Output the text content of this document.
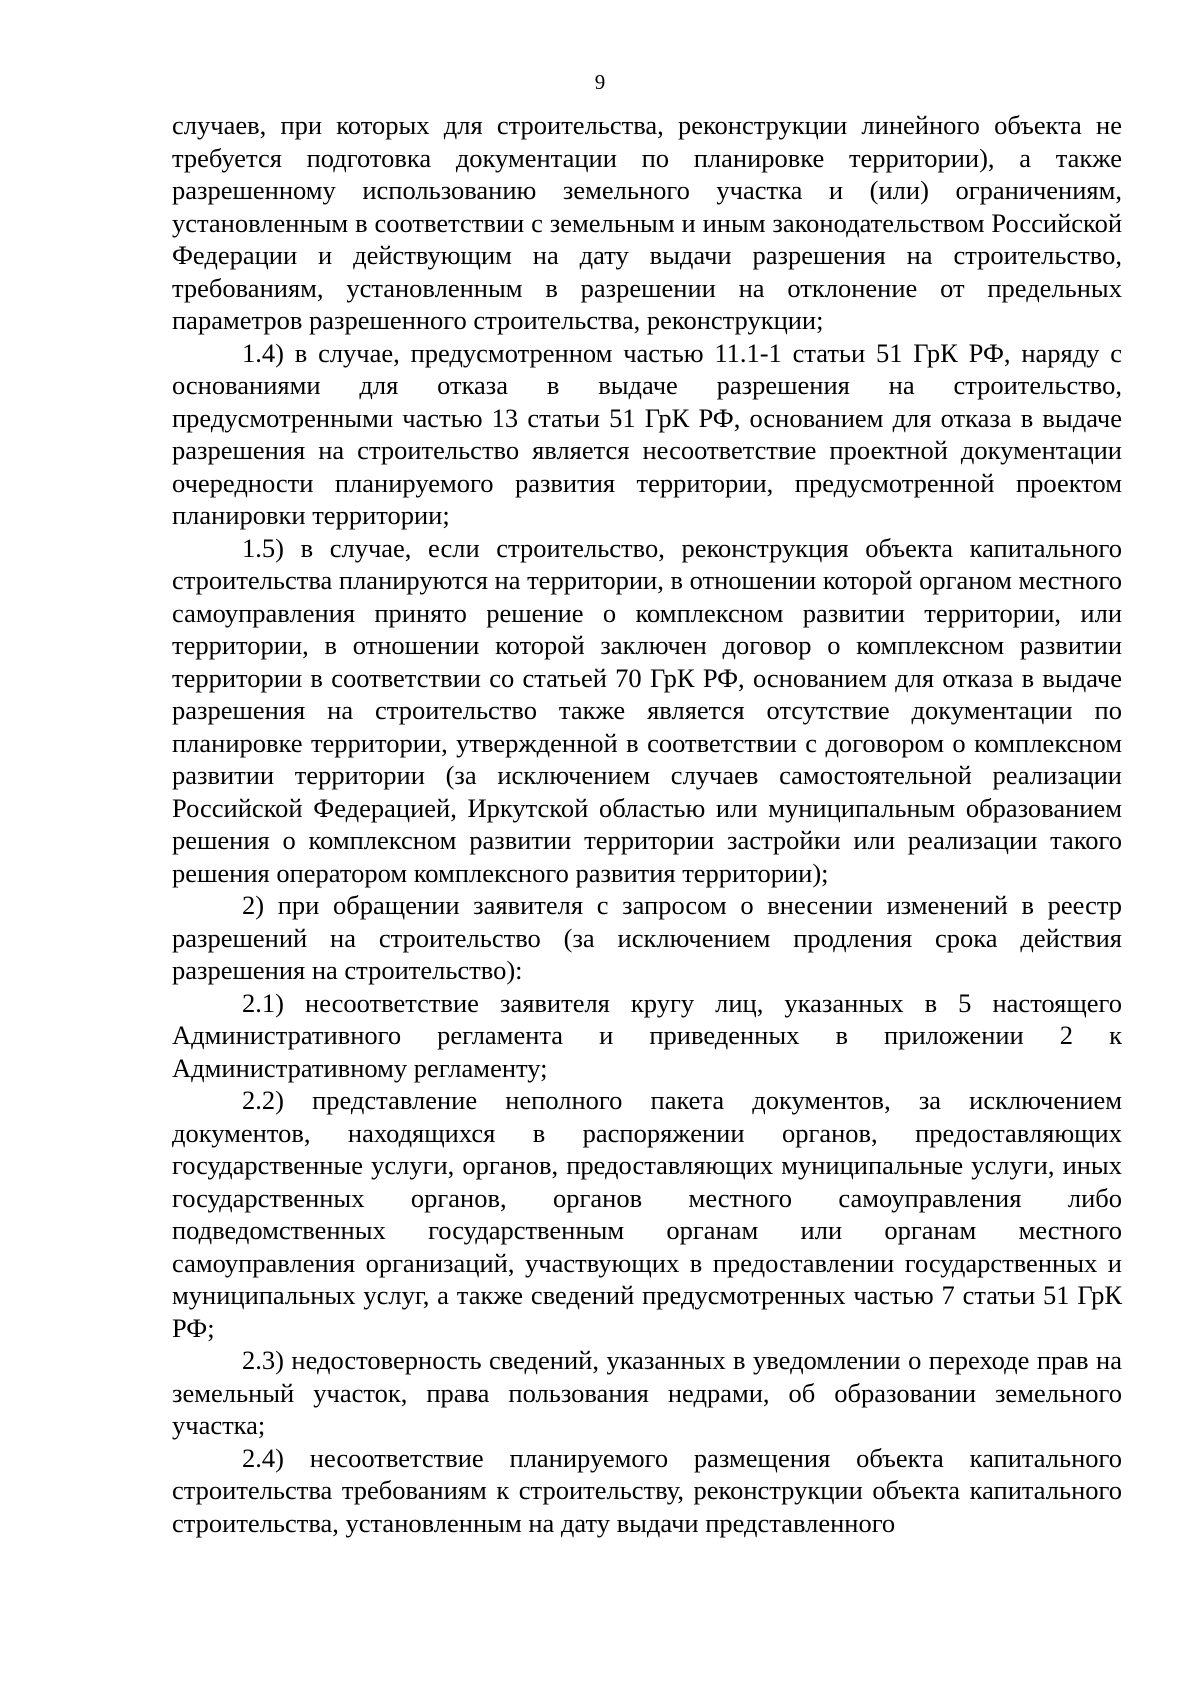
9

случаев, при которых для строительства, реконструкции линейного объекта не требуется подготовка документации по планировке территории), а также разрешенному использованию земельного участка и (или) ограничениям, установленным в соответствии с земельным и иным законодательством Российской Федерации и действующим на дату выдачи разрешения на строительство, требованиям, установленным в разрешении на отклонение от предельных параметров разрешенного строительства, реконструкции;

1.4) в случае, предусмотренном частью 11.1-1 статьи 51 ГрК РФ, наряду с основаниями для отказа в выдаче разрешения на строительство, предусмотренными частью 13 статьи 51 ГрК РФ, основанием для отказа в выдаче разрешения на строительство является несоответствие проектной документации очередности планируемого развития территории, предусмотренной проектом планировки территории;

1.5) в случае, если строительство, реконструкция объекта капитального строительства планируются на территории, в отношении которой органом местного самоуправления принято решение о комплексном развитии территории, или территории, в отношении которой заключен договор о комплексном развитии территории в соответствии со статьей 70 ГрК РФ, основанием для отказа в выдаче разрешения на строительство также является отсутствие документации по планировке территории, утвержденной в соответствии с договором о комплексном развитии территории (за исключением случаев самостоятельной реализации Российской Федерацией, Иркутской областью или муниципальным образованием решения о комплексном развитии территории застройки или реализации такого решения оператором комплексного развития территории);

2) при обращении заявителя с запросом о внесении изменений в реестр разрешений на строительство (за исключением продления срока действия разрешения на строительство):

2.1) несоответствие заявителя кругу лиц, указанных в 5 настоящего Административного регламента и приведенных в приложении 2 к Административному регламенту;

2.2) представление неполного пакета документов, за исключением документов, находящихся в распоряжении органов, предоставляющих государственные услуги, органов, предоставляющих муниципальные услуги, иных государственных органов, органов местного самоуправления либо подведомственных государственным органам или органам местного самоуправления организаций, участвующих в предоставлении государственных и муниципальных услуг, а также сведений предусмотренных частью 7 статьи 51 ГрК РФ;

2.3) недостоверность сведений, указанных в уведомлении о переходе прав на земельный участок, права пользования недрами, об образовании земельного участка;

2.4) несоответствие планируемого размещения объекта капитального строительства требованиям к строительству, реконструкции объекта капитального строительства, установленным на дату выдачи представленного
